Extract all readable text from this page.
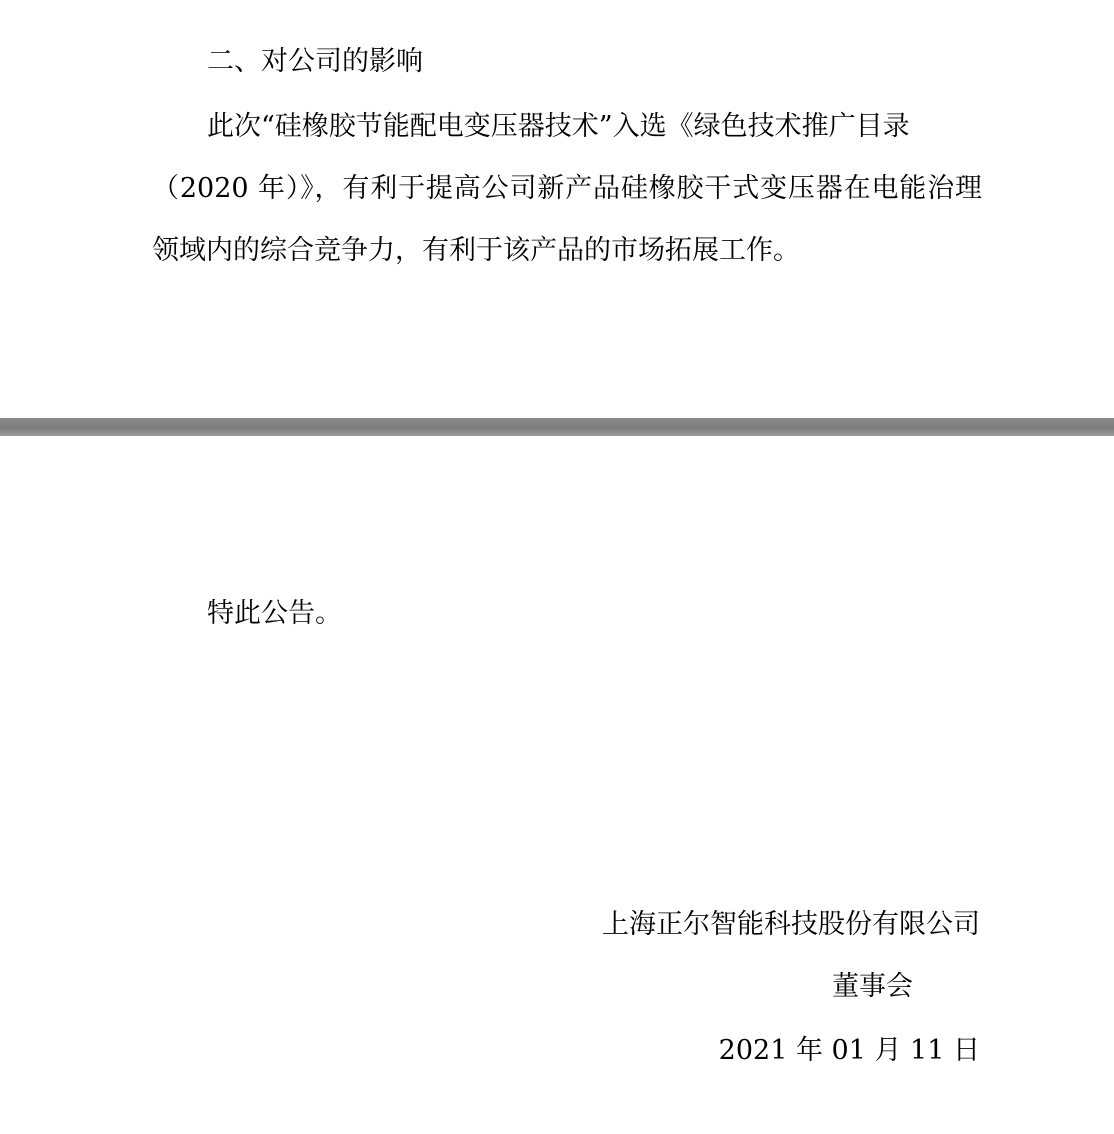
二、对公司的影响
此次“硅橡胶节能配电变压器技术”入选《绿色技术推广目录
（2020 年）》，有利于提高公司新产品硅橡胶干式变压器在电能治理
领域内的综合竞争力，有利于该产品的市场拓展工作。
特此公告。
上海正尔智能科技股份有限公司
董事会
2021 年 01 月 11 日
